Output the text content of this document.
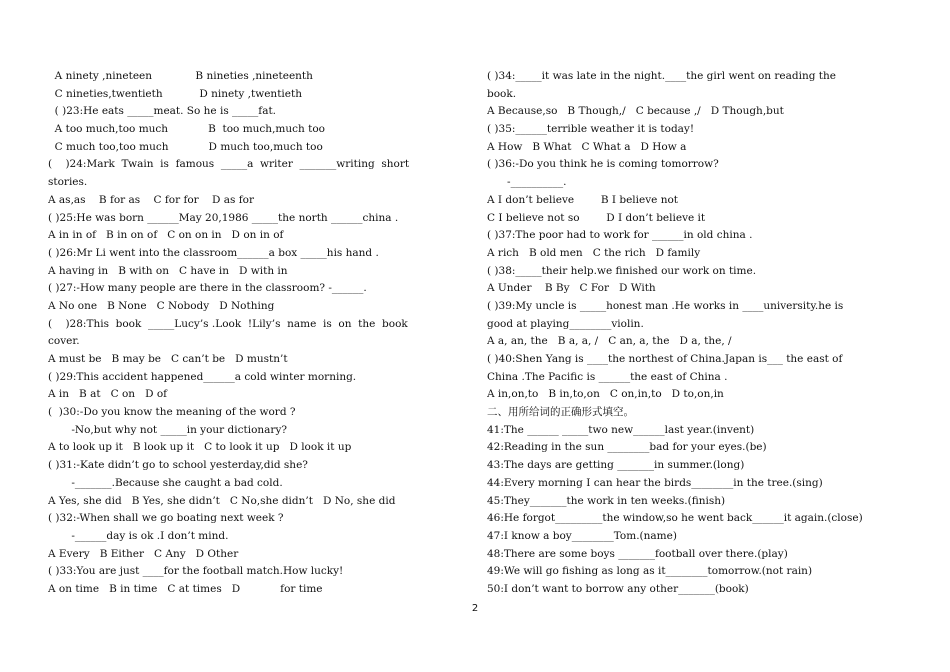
A ninety ,nineteen             B nineties ,nineteenth
C nineties,twentieth           D ninety ,twentieth
( )23:He eats _____meat. So he is _____fat.
A too much,too much            B  too much,much too
C much too,too much            D much too,much too
(    )24:Mark  Twain  is  famous  _____a  writer  _______writing  short
stories.
A as,as    B for as    C for for    D as for
( )25:He was born ______May 20,1986 _____the north ______china .
A in in of   B in on of   C on on in   D on in of
( )26:Mr Li went into the classroom______a box _____his hand .
A having in   B with on   C have in   D with in
( )27:-How many people are there in the classroom? -______.
A No one   B None   C Nobody   D Nothing
(    )28:This  book  _____Lucy’s .Look  !Lily’s  name  is  on  the  book
cover.
A must be   B may be   C can’t be   D mustn’t
( )29:This accident happened______a cold winter morning.
A in   B at   C on   D of
(  )30:-Do you know the meaning of the word ?
-No,but why not _____in your dictionary?
A to look up it   B look up it   C to look it up   D look it up
( )31:-Kate didn’t go to school yesterday,did she?
-_______.Because she caught a bad cold.
A Yes, she did   B Yes, she didn’t   C No,she didn’t   D No, she did
( )32:-When shall we go boating next week ?
-______day is ok .I don’t mind.
A Every   B Either   C Any   D Other
( )33:You are just ____for the football match.How lucky!
A on time   B in time   C at times   D            for time
( )34:_____it was late in the night.____the girl went on reading the
book.
A Because,so   B Though,/   C because ,/   D Though,but
( )35:______terrible weather it is today!
A How   B What   C What a   D How a
( )36:-Do you think he is coming tomorrow?
-__________.
A I don’t believe        B I believe not
C I believe not so        D I don’t believe it
( )37:The poor had to work for ______in old china .
A rich   B old men   C the rich   D family
( )38:_____their help.we finished our work on time.
A Under    B By   C For   D With
( )39:My uncle is _____honest man .He works in ____university.he is
good at playing________violin.
A a, an, the   B a, a, /   C an, a, the   D a, the, /
( )40:Shen Yang is ____the northest of China.Japan is___ the east of
China .The Pacific is ______the east of China .
A in,on,to   B in,to,on   C on,in,to   D to,on,in
二、用所给词的正确形式填空。
41:The ______ _____two new______last year.(invent)
42:Reading in the sun ________bad for your eyes.(be)
43:The days are getting _______in summer.(long)
44:Every morning I can hear the birds________in the tree.(sing)
45:They_______the work in ten weeks.(finish)
46:He forgot_________the window,so he went back______it again.(close)
47:I know a boy________Tom.(name)
48:There are some boys _______football over there.(play)
49:We will go fishing as long as it________tomorrow.(not rain)
50:I don’t want to borrow any other_______(book)
2
